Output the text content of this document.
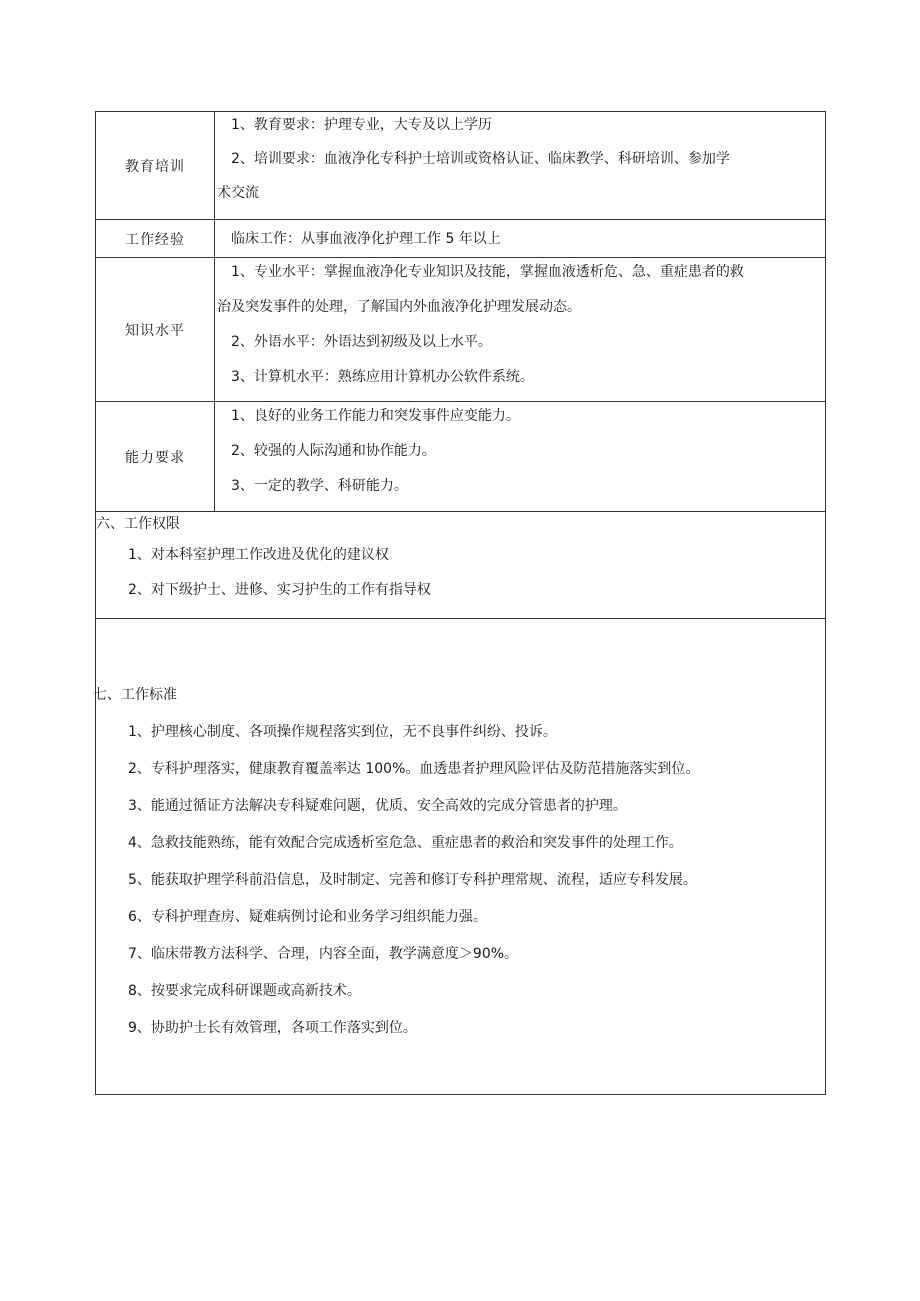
教育培训
1、教育要求：护理专业，大专及以上学历
2、培训要求：血液净化专科护士培训或资格认证、临床教学、科研培训、参加学
术交流
工作经验	临床工作：从事血液净化护理工作 5 年以上
知识水平
1、专业水平：掌握血液净化专业知识及技能，掌握血液透析危、急、重症患者的救
治及突发事件的处理，了解国内外血液净化护理发展动态。
2、外语水平：外语达到初级及以上水平。
3、计算机水平：熟练应用计算机办公软件系统。
能力要求
1、良好的业务工作能力和突发事件应变能力。
2、较强的人际沟通和协作能力。
3、一定的教学、科研能力。
六、工作权限
1、对本科室护理工作改进及优化的建议权
2、对下级护士、进修、实习护生的工作有指导权
七、工作标准
1、护理核心制度、各项操作规程落实到位，无不良事件纠纷、投诉。
2、专科护理落实，健康教育覆盖率达 100%。血透患者护理风险评估及防范措施落实到位。
3、能通过循证方法解决专科疑难问题，优质、安全高效的完成分管患者的护理。
4、急救技能熟练，能有效配合完成透析室危急、重症患者的救治和突发事件的处理工作。
5、能获取护理学科前沿信息，及时制定、完善和修订专科护理常规、流程，适应专科发展。
6、专科护理查房、疑难病例讨论和业务学习组织能力强。
7、临床带教方法科学、合理，内容全面，教学满意度＞90%。
8、按要求完成科研课题或高新技术。
9、协助护士长有效管理，各项工作落实到位。
